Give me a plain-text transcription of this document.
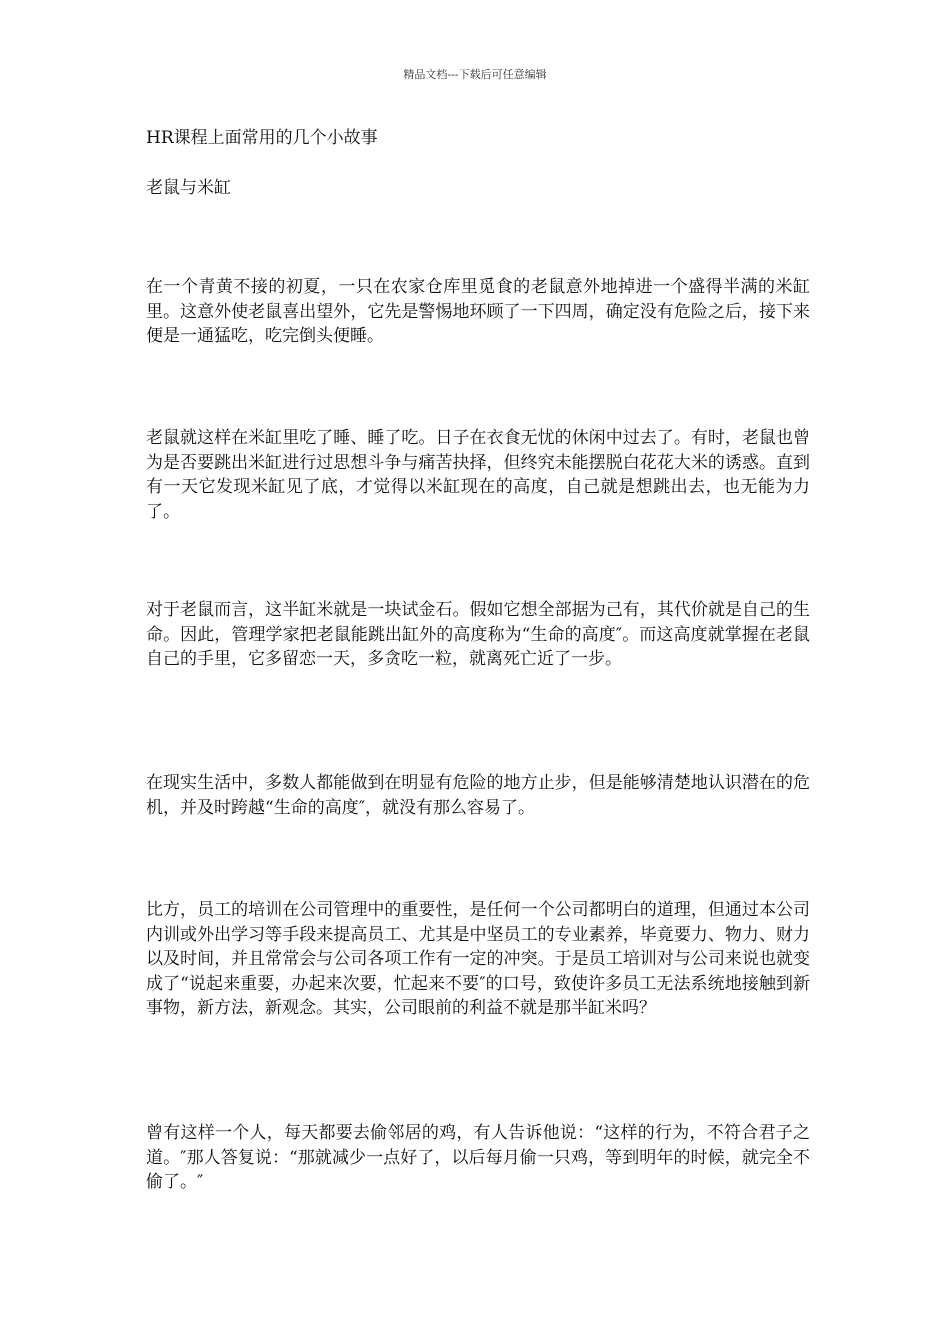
精品文档---下载后可任意编辑
HR课程上面常用的几个小故事
老鼠与米缸

在一个青黄不接的初夏，一只在农家仓库里觅食的老鼠意外地掉进一个盛得半满的米缸里。这意外使老鼠喜出望外，它先是警惕地环顾了一下四周，确定没有危险之后，接下来便是一通猛吃，吃完倒头便睡。

老鼠就这样在米缸里吃了睡、睡了吃。日子在衣食无忧的休闲中过去了。有时，老鼠也曾为是否要跳出米缸进行过思想斗争与痛苦抉择，但终究未能摆脱白花花大米的诱惑。直到有一天它发现米缸见了底，才觉得以米缸现在的高度，自己就是想跳出去，也无能为力了。

对于老鼠而言，这半缸米就是一块试金石。假如它想全部据为己有，其代价就是自己的生命。因此，管理学家把老鼠能跳出缸外的高度称为“生命的高度″。而这高度就掌握在老鼠自己的手里，它多留恋一天，多贪吃一粒，就离死亡近了一步。

在现实生活中，多数人都能做到在明显有危险的地方止步，但是能够清楚地认识潜在的危机，并及时跨越“生命的高度″，就没有那么容易了。

比方，员工的培训在公司管理中的重要性，是任何一个公司都明白的道理，但通过本公司内训或外出学习等手段来提高员工、尤其是中坚员工的专业素养，毕竟要力、物力、财力以及时间，并且常常会与公司各项工作有一定的冲突。于是员工培训对与公司来说也就变成了“说起来重要，办起来次要，忙起来不要″的口号，致使许多员工无法系统地接触到新事物，新方法，新观念。其实，公司眼前的利益不就是那半缸米吗？

曾有这样一个人，每天都要去偷邻居的鸡，有人告诉他说：“这样的行为，不符合君子之道。″那人答复说：“那就减少一点好了，以后每月偷一只鸡，等到明年的时候，就完全不偷了。″
